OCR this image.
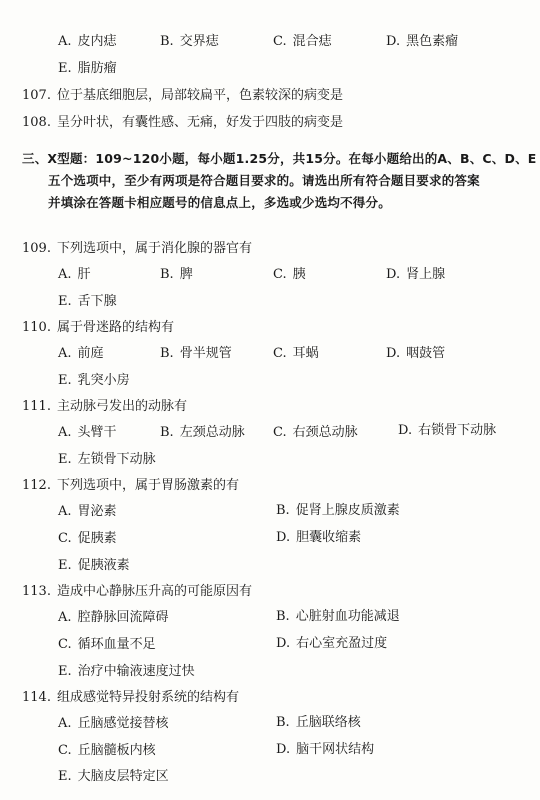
A. 皮内痣	B. 交界痣	C. 混合痣	D. 黑色素瘤
E. 脂肪瘤
107. 位于基底细胞层，局部较扁平，色素较深的病变是
108. 呈分叶状，有囊性感、无痛，好发于四肢的病变是
三、X型题：109~120小题，每小题1.25分，共15分。在每小题给出的A、B、C、D、E
五个选项中，至少有两项是符合题目要求的。请选出所有符合题目要求的答案
并填涂在答题卡相应题号的信息点上，多选或少选均不得分。
109. 下列选项中，属于消化腺的器官有
A. 肝	B. 脾	C. 胰	D. 肾上腺
E. 舌下腺
110. 属于骨迷路的结构有
A. 前庭	B. 骨半规管	C. 耳蜗	D. 咽鼓管
E. 乳突小房
111. 主动脉弓发出的动脉有
A. 头臂干	B. 左颈总动脉 C. 右颈总动脉	D. 右锁骨下动脉
E. 左锁骨下动脉
112. 下列选项中，属于胃肠激素的有
A. 胃泌素	B. 促肾上腺皮质激素
C. 促胰素	D. 胆囊收缩素
E. 促胰液素
113. 造成中心静脉压升高的可能原因有
A. 腔静脉回流障碍	B. 心脏射血功能减退
C. 循环血量不足	D. 右心室充盈过度
E. 治疗中输液速度过快
114. 组成感觉特异投射系统的结构有
A. 丘脑感觉接替核	B. 丘脑联络核
C. 丘脑髓板内核	D. 脑干网状结构
E. 大脑皮层特定区
